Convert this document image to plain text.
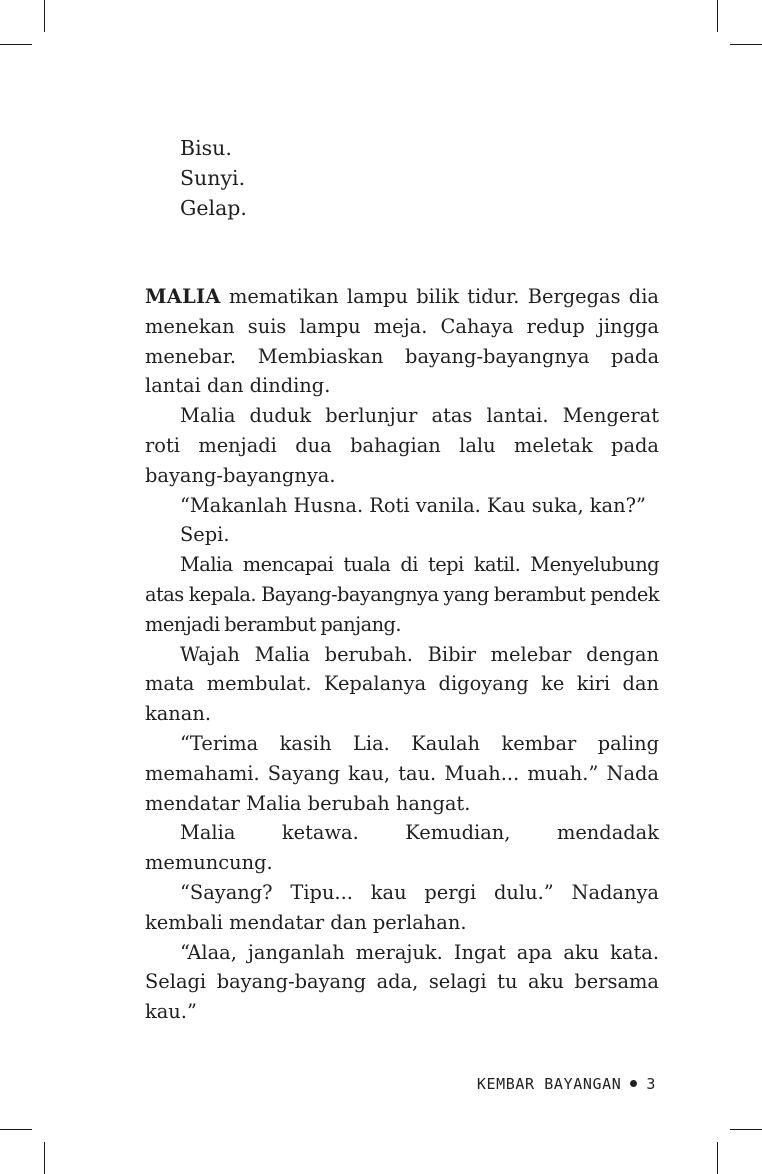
Bisu.
Sunyi.
Gelap.

MALIA mematikan lampu bilik tidur. Bergegas dia menekan suis lampu meja. Cahaya redup jingga menebar. Membiaskan bayang-bayangnya pada lantai dan dinding.

Malia duduk berlunjur atas lantai. Mengerat roti menjadi dua bahagian lalu meletak pada bayang-bayangnya.

“Makanlah Husna. Roti vanila. Kau suka, kan?”

Sepi.

Malia mencapai tuala di tepi katil. Menyelubung atas kepala. Bayang-bayangnya yang berambut pendek menjadi berambut panjang.

Wajah Malia berubah. Bibir melebar dengan mata membulat. Kepalanya digoyang ke kiri dan kanan.

“Terima kasih Lia. Kaulah kembar paling memahami. Sayang kau, tau. Muah... muah.” Nada mendatar Malia berubah hangat.

Malia ketawa. Kemudian, mendadak memuncung.

“Sayang? Tipu... kau pergi dulu.” Nadanya kembali mendatar dan perlahan.

“Alaa, janganlah merajuk. Ingat apa aku kata. Selagi bayang-bayang ada, selagi tu aku bersama kau.”

KEMBAR BAYANGAN 3
